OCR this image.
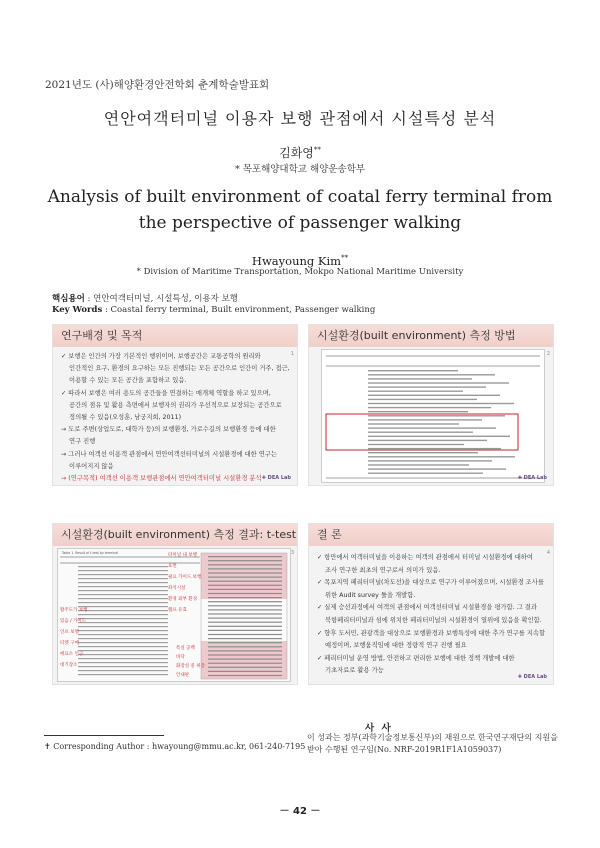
2021년도 (사)해양환경안전학회 춘계학술발표회
연안여객터미널 이용자 보행 관점에서 시설특성 분석
김화영**
* 목포해양대학교 해양운송학부
Analysis of built environment of coatal ferry terminal from the perspective of passenger walking
Hwayoung Kim**
* Division of Maritime Transportation, Mokpo National Maritime University
핵심용어 : 연안여객터미널, 시설특성, 이용자 보행
Key Words : Coastal ferry terminal, Built environment, Passenger walking
연구배경 및 목적
1
✓ 보행은 인간의 가장 기본적인 행위이며, 보행공간은 교통공학의 원리와
인간적인 요구, 환경의 요구하는 모든 진행되는 모든 공간으로 인간이 거주, 접근,
이용할 수 있는 모든 공간을 포함하고 있음.
✓ 따라서 보행은 여러 용도의 공간들을 연결하는 매개체 역할을 하고 있으며,
공간의 점유 및 활용 측면에서 보행자의 권리가 우선적으로 보장되는 공간으로
정의될 수 있음(오성훈, 남궁지희, 2011)
→ 도로 주변(상업도로, 대학가 등)의 보행환경, 가로수길의 보행환경 등에 대한
연구 진행
→ 그러나 여객선 이용객 관점에서 연안여객선터미널의 시설환경에 대한 연구는
이루어지지 않음
→ (연구목적) 여객선 이용객 보행관점에서 연안여객터미널 시설환경 분석 ✚ DEA Lab
시설환경(built environment) 측정 방법
2
✚ DEA Lab
시설환경(built environment) 측정 결과: t-test
3
Table 1. Result of t-test by terminal
활주도가 보행
있음 / 가이드
인프 보행
터켓 구매
매표소 인근
대기장소
터미널 내 보행
표면
필요 가이드 보행
좌석시설
환경 외부 환경
램프 유효
특실 공백
바닥
화장실 중 위층
안내판
결 론
4
✓ 항만에서 여객터미널을 이용하는 여객의 관점에서 터미널 시설환경에 대하여
조사 연구한 최초의 연구로서 의미가 있음.
✓ 목포지역 페리터미널(차도선)을 대상으로 연구가 이루어졌으며, 시설환경 조사를
위한 Audit survey 툴을 개발함.
✓ 실제 승선과정에서 여객의 관점에서 여객선터미널 시설환경을 평가함. 그 결과
북항페리터미널과 섬에 위치한 페리터미널의 시설환경이 열위에 있음을 확인함.
✓ 향후 도서민, 관광객을 대상으로 보행환경과 보행특성에 대한 추가 연구를 지속할
예정이며, 보행움직임에 대한 정량적 연구 진행 필요
✓ 페리터미널 운영 방법, 안전하고 편리한 보행에 대한 정책 개발에 대한
기초자료로 활용 가능
✚ DEA Lab
사 사
이 성과는 정부(과학기술정보통신부)의 재원으로 한국연구재단의 지원을 받아 수행된 연구임(No. NRF-2019R1F1A1059037)
✝ Corresponding Author : hwayoung@mmu.ac.kr, 061-240-7195
－ 42 －
